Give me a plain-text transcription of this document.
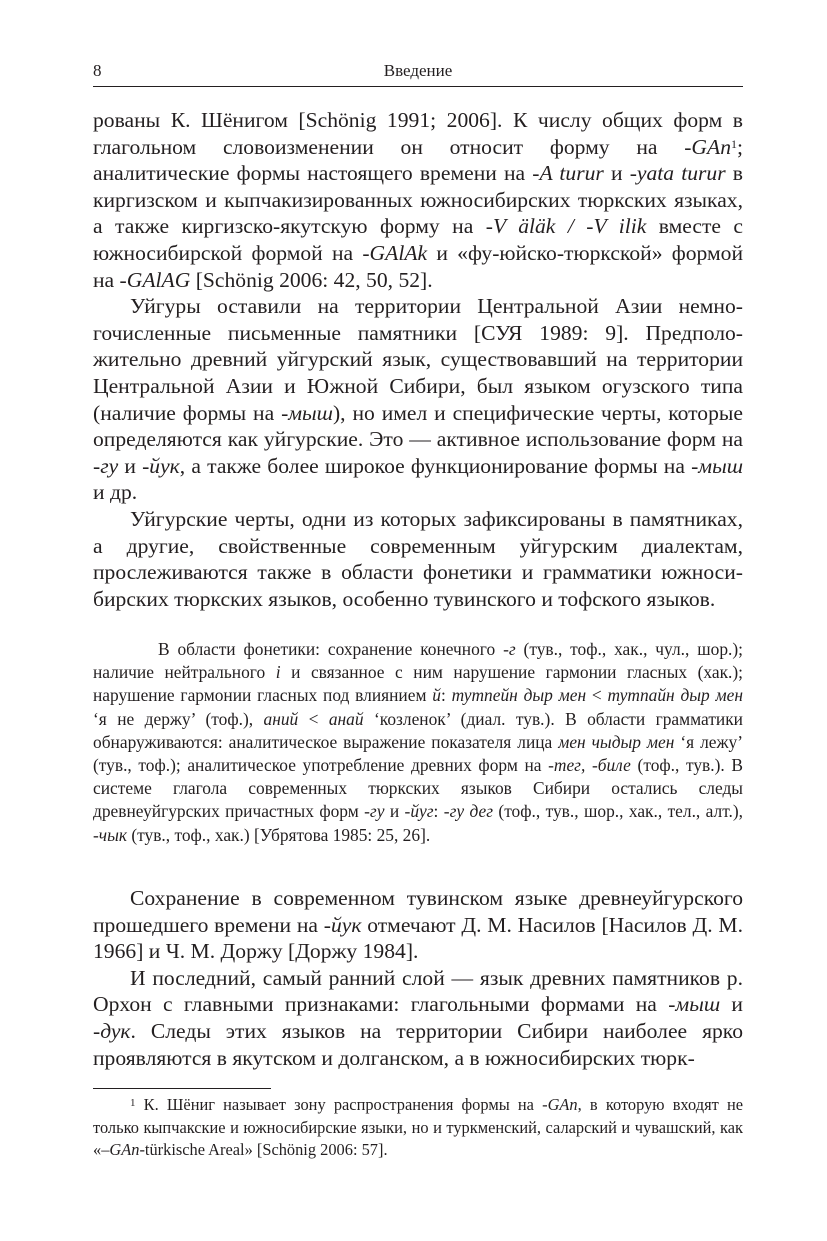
8	Введение

рованы К. Шёнигом [Schönig 1991; 2006]. К числу общих форм в глагольном словоизменении он относит форму на -GAn$^1$; аналитические формы настоящего времени на -A turur и -yata turur в киргизском и кыпчакизированных южносибирских тюркских языках, а также киргизско-якутскую форму на -V äläk / -V ilik вместе с южносибирской формой на -GAlAk и «фу-юйско-тюркской» формой на -GAlAG [Schönig 2006: 42, 50, 52].

Уйгуры оставили на территории Центральной Азии немногочисленные письменные памятники [СУЯ 1989: 9]. Предположительно древний уйгурский язык, существовавший на территории Центральной Азии и Южной Сибири, был языком огузского типа (наличие формы на -мыш), но имел и специфические черты, которые определяются как уйгурские. Это — активное использование форм на -гу и -йук, а также более широкое функционирование формы на -мыш и др.

Уйгурские черты, одни из которых зафиксированы в памятниках, а другие, свойственные современным уйгурским диалектам, прослеживаются также в области фонетики и грамматики южносибирских тюркских языков, особенно тувинского и тофского языков.

В области фонетики: сохранение конечного -г (тув., тоф., хак., чул., шор.); наличие нейтрального і и связанное с ним нарушение гармонии гласных (хак.); нарушение гармонии гласных под влиянием й: тутпейн дыр мен < тутпайн дыр мен ‘я не держу’ (тоф.), аний < анай ‘козленок’ (диал. тув.). В области грамматики обнаруживаются: аналитическое выражение показателя лица мен чыдыр мен ‘я лежу’ (тув., тоф.); аналитическое употребление древних форм на -тег, -биле (тоф., тув.). В системе глагола современных тюркских языков Сибири остались следы древнеуйгурских причастных форм -гу и -йуг: -гу дег (тоф., тув., шор., хак., тел., алт.), -чык (тув., тоф., хак.) [Убрятова 1985: 25, 26].

Сохранение в современном тувинском языке древнеуйгурского прошедшего времени на -йук отмечают Д. М. Насилов [Насилов Д. М. 1966] и Ч. М. Доржу [Доржу 1984].

И последний, самый ранний слой — язык древних памятников р. Орхон с главными признаками: глагольными формами на -мыш и -дук. Следы этих языков на территории Сибири наиболее ярко проявляются в якутском и долганском, а в южносибирских тюрк-

$^1$ К. Шёниг называет зону распространения формы на -GAn, в которую входят не только кыпчакские и южносибирские языки, но и туркменский, саларский и чувашский, как «–GAn-türkische Areal» [Schönig 2006: 57].
